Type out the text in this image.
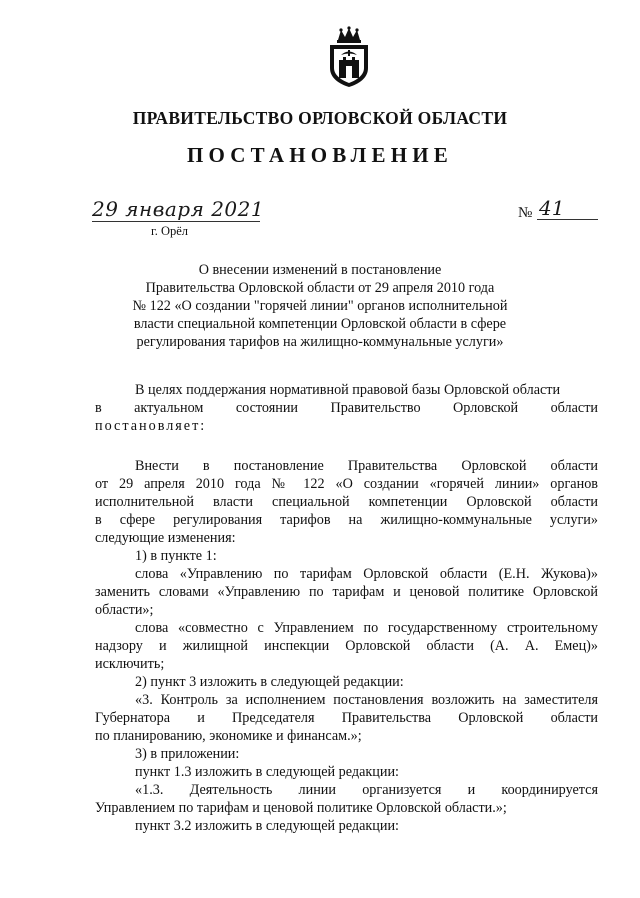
ПРАВИТЕЛЬСТВО ОРЛОВСКОЙ ОБЛАСТИ
ПОСТАНОВЛЕНИЕ
29 января 2021
г. Орёл
№ 41
О внесении изменений в постановление
Правительства Орловской области от 29 апреля 2010 года
№ 122 «О создании "горячей линии" органов исполнительной
власти специальной компетенции Орловской области в сфере
регулирования тарифов на жилищно-коммунальные услуги»
В целях поддержания нормативной правовой базы Орловской области
в актуальном состоянии Правительство Орловской области
постановляет:
Внести в постановление Правительства Орловской области
от 29 апреля 2010 года № 122 «О создании «горячей линии» органов
исполнительной власти специальной компетенции Орловской области
в сфере регулирования тарифов на жилищно-коммунальные услуги»
следующие изменения:
1) в пункте 1:
слова «Управлению по тарифам Орловской области (Е.Н. Жукова)»
заменить словами «Управлению по тарифам и ценовой политике Орловской
области»;
слова «совместно с Управлением по государственному строительному
надзору и жилищной инспекции Орловской области (А. А. Емец)»
исключить;
2) пункт 3 изложить в следующей редакции:
«3. Контроль за исполнением постановления возложить на заместителя
Губернатора и Председателя Правительства Орловской области
по планированию, экономике и финансам.»;
3) в приложении:
пункт 1.3 изложить в следующей редакции:
«1.3. Деятельность линии организуется и координируется
Управлением по тарифам и ценовой политике Орловской области.»;
пункт 3.2 изложить в следующей редакции:
